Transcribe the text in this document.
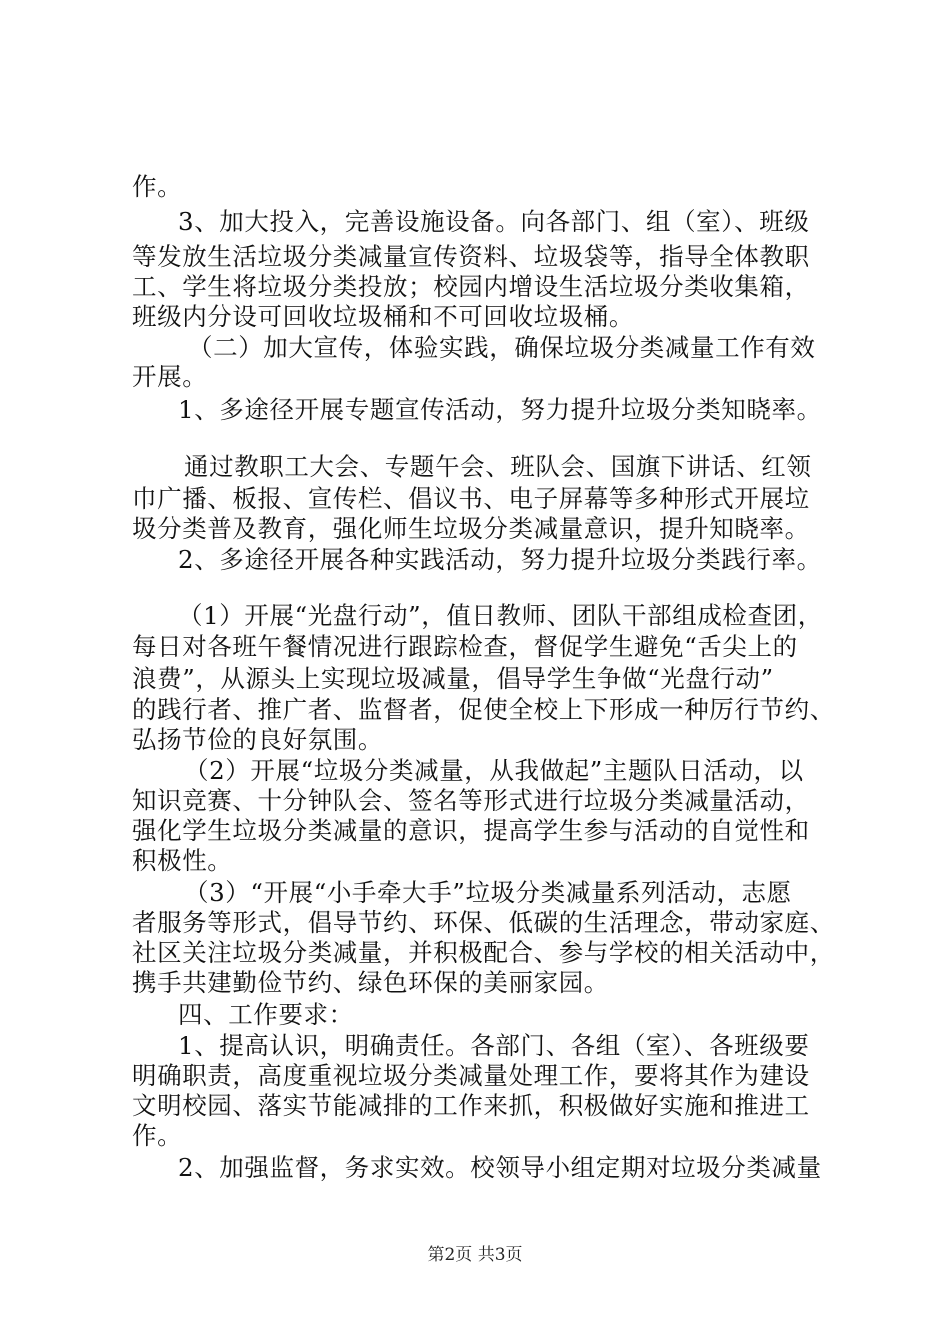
作。
3、加大投入，完善设施设备。向各部门、组（室）、班级
等发放生活垃圾分类减量宣传资料、垃圾袋等，指导全体教职
工、学生将垃圾分类投放；校园内增设生活垃圾分类收集箱，
班级内分设可回收垃圾桶和不可回收垃圾桶。
（二）加大宣传，体验实践，确保垃圾分类减量工作有效
开展。
1、多途径开展专题宣传活动，努力提升垃圾分类知晓率。
通过教职工大会、专题午会、班队会、国旗下讲话、红领
巾广播、板报、宣传栏、倡议书、电子屏幕等多种形式开展垃
圾分类普及教育，强化师生垃圾分类减量意识，提升知晓率。
2、多途径开展各种实践活动，努力提升垃圾分类践行率。
（1）开展“光盘行动”，值日教师、团队干部组成检查团，
每日对各班午餐情况进行跟踪检查，督促学生避免“舌尖上的
浪费”，从源头上实现垃圾减量，倡导学生争做“光盘行动”
的践行者、推广者、监督者，促使全校上下形成一种厉行节约、
弘扬节俭的良好氛围。
（2）开展“垃圾分类减量，从我做起”主题队日活动，以
知识竞赛、十分钟队会、签名等形式进行垃圾分类减量活动，
强化学生垃圾分类减量的意识，提高学生参与活动的自觉性和
积极性。
（3）“开展“小手牵大手”垃圾分类减量系列活动，志愿
者服务等形式，倡导节约、环保、低碳的生活理念，带动家庭、
社区关注垃圾分类减量，并积极配合、参与学校的相关活动中，
携手共建勤俭节约、绿色环保的美丽家园。
四、工作要求：
1、提高认识，明确责任。各部门、各组（室）、各班级要
明确职责，高度重视垃圾分类减量处理工作，要将其作为建设
文明校园、落实节能减排的工作来抓，积极做好实施和推进工
作。
2、加强监督，务求实效。校领导小组定期对垃圾分类减量
第2页 共3页
